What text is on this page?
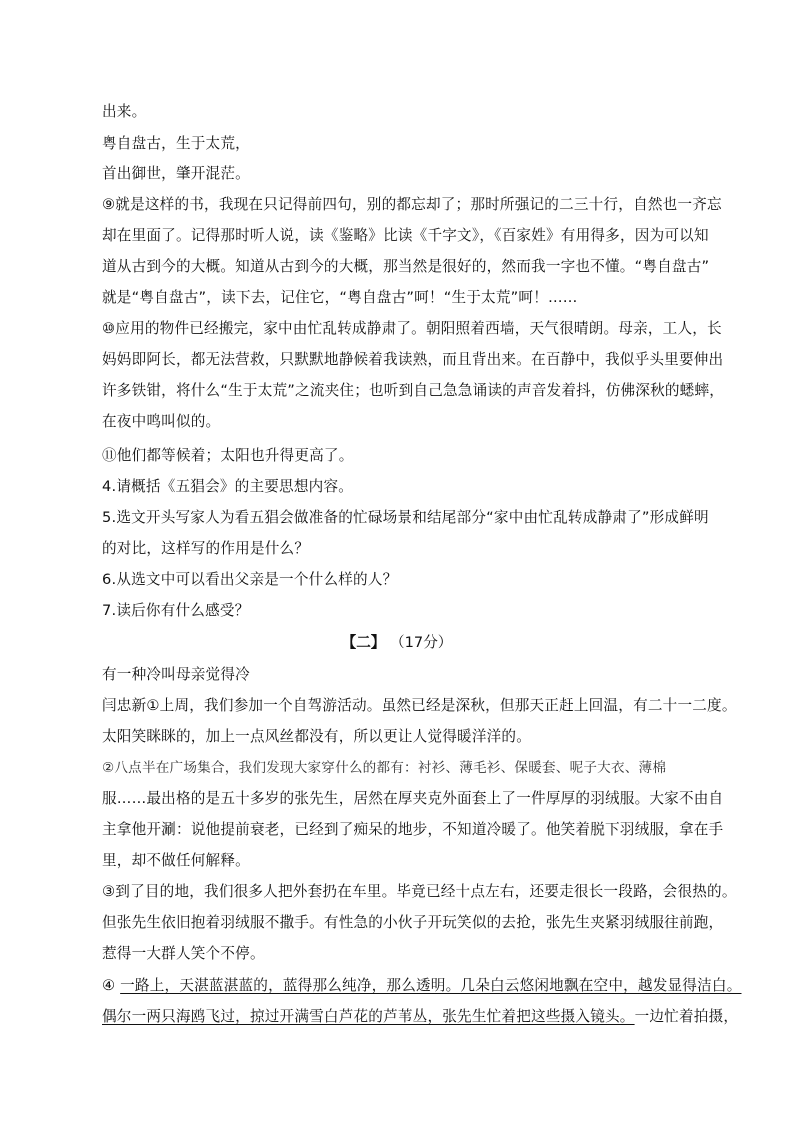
出来。
粤自盘古，生于太荒，
首出御世，肇开混茫。
⑨就是这样的书，我现在只记得前四句，别的都忘却了；那时所强记的二三十行，自然也一齐忘
却在里面了。记得那时听人说，读《鉴略》比读《千字文》，《百家姓》有用得多，因为可以知
道从古到今的大概。知道从古到今的大概，那当然是很好的，然而我一字也不懂。“粤自盘古”
就是“粤自盘古”，读下去，记住它，“粤自盘古”呵！“生于太荒”呵！……
⑩应用的物件已经搬完，家中由忙乱转成静肃了。朝阳照着西墙，天气很晴朗。母亲，工人，长
妈妈即阿长，都无法营救，只默默地静候着我读熟，而且背出来。在百静中，我似乎头里要伸出
许多铁钳，将什么“生于太荒”之流夹住；也听到自己急急诵读的声音发着抖，仿佛深秋的蟋蟀，
在夜中鸣叫似的。
⑪他们都等候着；太阳也升得更高了。
4.请概括《五猖会》的主要思想内容。
5.选文开头写家人为看五猖会做准备的忙碌场景和结尾部分“家中由忙乱转成静肃了”形成鲜明
的对比，这样写的作用是什么？
6.从选文中可以看出父亲是一个什么样的人？
7.读后你有什么感受？
【二】 （17分）
有一种冷叫母亲觉得冷
闫忠新①上周，我们参加一个自驾游活动。虽然已经是深秋，但那天正赶上回温，有二十一二度。
太阳笑眯眯的，加上一点风丝都没有，所以更让人觉得暖洋洋的。
②八点半在广场集合，我们发现大家穿什么的都有：衬衫、薄毛衫、保暖套、呢子大衣、薄棉
服……最出格的是五十多岁的张先生，居然在厚夹克外面套上了一件厚厚的羽绒服。大家不由自
主拿他开涮：说他提前衰老，已经到了痴呆的地步，不知道冷暖了。他笑着脱下羽绒服，拿在手
里，却不做任何解释。
③到了目的地，我们很多人把外套扔在车里。毕竟已经十点左右，还要走很长一段路，会很热的。
但张先生依旧抱着羽绒服不撒手。有性急的小伙子开玩笑似的去抢，张先生夹紧羽绒服往前跑，
惹得一大群人笑个不停。
④ 一路上，天湛蓝湛蓝的，蓝得那么纯净，那么透明。几朵白云悠闲地飘在空中，越发显得洁白。
偶尔一两只海鸥飞过，掠过开满雪白芦花的芦苇丛，张先生忙着把这些摄入镜头。一边忙着拍摄，
